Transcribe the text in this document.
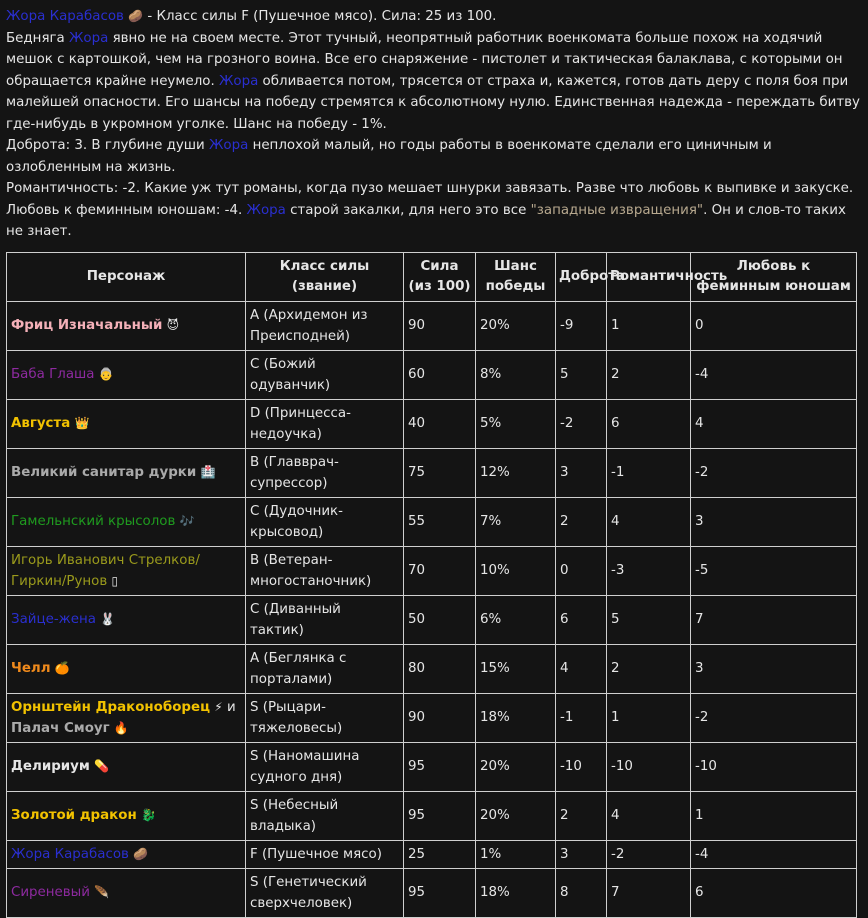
Жора Карабасов 🥔 - Класс силы F (Пушечное мясо). Сила: 25 из 100.

Бедняга Жора явно не на своем месте. Этот тучный, неопрятный работник военкомата больше похож на ходячий мешок с картошкой, чем на грозного воина. Все его снаряжение - пистолет и тактическая балаклава, с которыми он обращается крайне неумело. Жора обливается потом, трясется от страха и, кажется, готов дать деру с поля боя при малейшей опасности. Его шансы на победу стремятся к абсолютному нулю. Единственная надежда - переждать битву где-нибудь в укромном уголке. Шанс на победу - 1%.

Доброта: 3. В глубине души Жора неплохой малый, но годы работы в военкомате сделали его циничным и озлобленным на жизнь.

Романтичность: -2. Какие уж тут романы, когда пузо мешает шнурки завязать. Разве что любовь к выпивке и закуске.

Любовь к феминным юношам: -4. Жора старой закалки, для него это все "западные извращения". Он и слов-то таких не знает.

Персонаж	Класс силы (звание)	Сила (из 100)	Шанс победы	Доброта	Романтичность	Любовь к феминным юношам
Фриц Изначальный 😈	A (Архидемон из Преисподней)	90	20%	-9	1	0
Баба Глаша 👵	C (Божий одуванчик)	60	8%	5	2	-4
Августа 👑	D (Принцесса-недоучка)	40	5%	-2	6	4
Великий санитар дурки 🏥	B (Главврач-супрессор)	75	12%	3	-1	-2
Гамельнский крысолов 🎶	C (Дудочник-крысовод)	55	7%	2	4	3
Игорь Иванович Стрелков/ Гиркин/Рунов ▯	B (Ветеран-многостаночник)	70	10%	0	-3	-5
Зайце-жена 🐰	C (Диванный тактик)	50	6%	6	5	7
Челл 🍊	A (Беглянка с порталами)	80	15%	4	2	3
Орнштейн Драконоборец ⚡ и
Палач Смоуг 🔥	S (Рыцари-тяжеловесы)	90	18%	-1	1	-2
Делириум 💊	S (Наномашина судного дня)	95	20%	-10	-10	-10
Золотой дракон 🐉	S (Небесный владыка)	95	20%	2	4	1
Жора Карабасов 🥔	F (Пушечное мясо)	25	1%	3	-2	-4
Сиреневый 🪶	S (Генетический сверхчеловек)	95	18%	8	7	6
